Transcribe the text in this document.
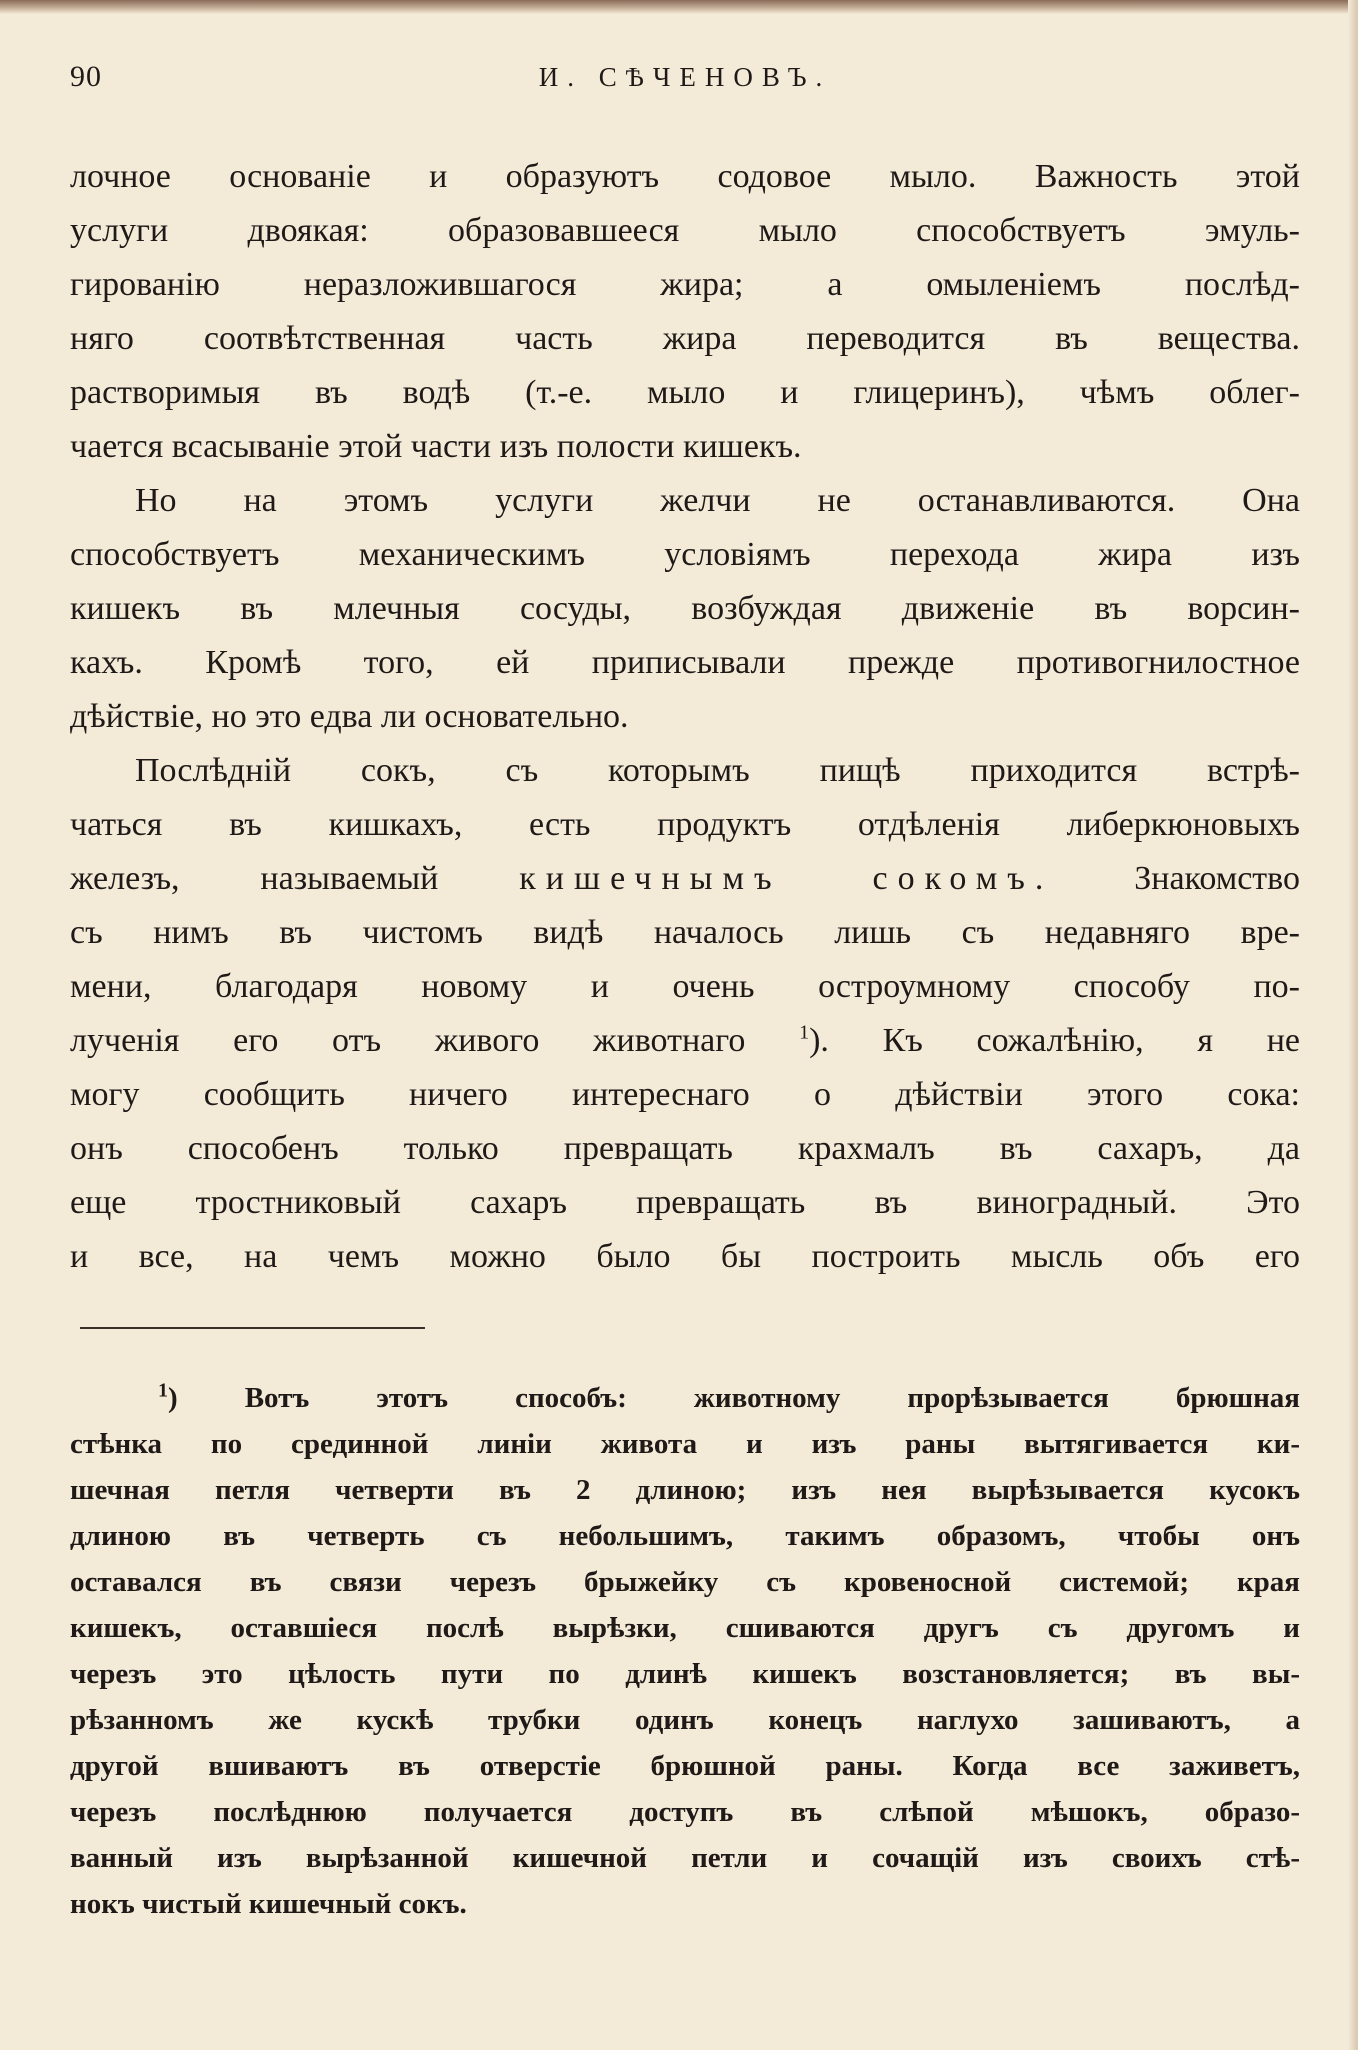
90	И. СѢЧЕНОВЪ.

лочное основаніе и образуютъ содовое мыло. Важность этой
услуги двоякая: образовавшееся мыло способствуетъ эмуль-
гированію неразложившагося жира; а омыленіемъ послѣд-
няго соотвѣтственная часть жира переводится въ вещества.
растворимыя въ водѣ (т.-е. мыло и глицеринъ), чѣмъ облег-
чается всасываніе этой части изъ полости кишекъ.

Но на этомъ услуги желчи не останавливаются. Она
способствуетъ механическимъ условіямъ перехода жира изъ
кишекъ въ млечныя сосуды, возбуждая движеніе въ ворсин-
кахъ. Кромѣ того, ей приписывали прежде противогнилостное
дѣйствіе, но это едва ли основательно.

Послѣдній сокъ, съ которымъ пищѣ приходится встрѣ-
чаться въ кишкахъ, есть продуктъ отдѣленія либеркюновыхъ
железъ, называемый кишечнымъ сокомъ. Знакомство
съ нимъ въ чистомъ видѣ началось лишь съ недавняго вре-
мени, благодаря новому и очень остроумному способу по-
лученія его отъ живого животнаго $^1$). Къ сожалѣнію, я не
могу сообщить ничего интереснаго о дѣйствіи этого сока:
онъ способенъ только превращать крахмалъ въ сахаръ, да
еще тростниковый сахаръ превращать въ виноградный. Это
и все, на чемъ можно было бы построить мысль объ его

$^1$) Вотъ этотъ способъ: животному прорѣзывается брюшная
стѣнка по срединной линіи живота и изъ раны вытягивается ки-
шечная петля четверти въ 2 длиною; изъ нея вырѣзывается кусокъ
длиною въ четверть съ небольшимъ, такимъ образомъ, чтобы онъ
оставался въ связи черезъ брыжейку съ кровеносной системой; края
кишекъ, оставшіеся послѣ вырѣзки, сшиваются другъ съ другомъ и
черезъ это цѣлость пути по длинѣ кишекъ возстановляется; въ вы-
рѣзанномъ же кускѣ трубки одинъ конецъ наглухо зашиваютъ, а
другой вшиваютъ въ отверстіе брюшной раны. Когда все заживетъ,
черезъ послѣднюю получается доступъ въ слѣпой мѣшокъ, образо-
ванный изъ вырѣзанной кишечной петли и сочащій изъ своихъ стѣ-
нокъ чистый кишечный сокъ.
